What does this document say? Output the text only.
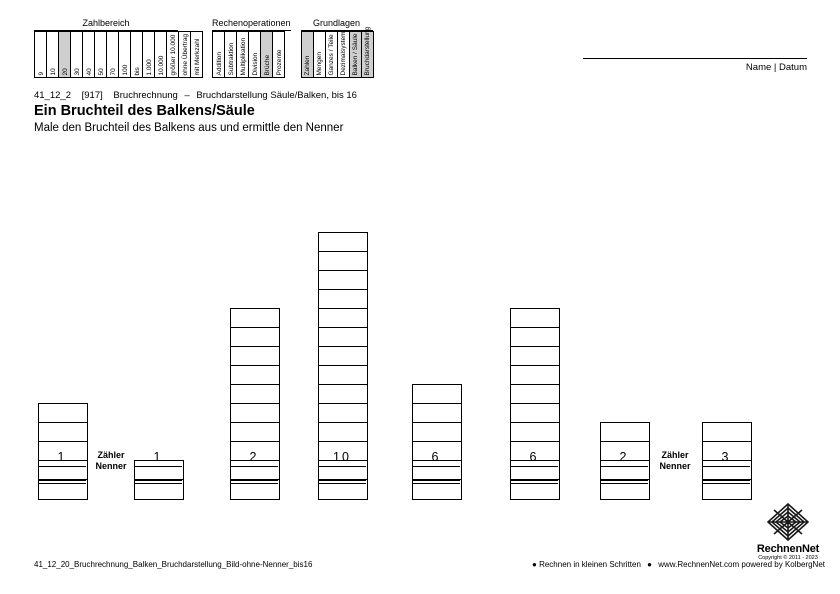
Zahlbereich
9 10 20 30 40 50 70 100 bis 1.000 10.000 größer 10.000 ohne Übertrag mit Merkzahl
Rechenoperationen
Addition Subtraktion Multiplikation Division Brüche Prozente
Grundlagen
Zahlen Mengen Ganzes / Teile Dezimalsystem Balken / Säule Bruchdarstellung	Name | Datum
41_12_2 [917] Bruchrechnung – Bruchdarstellung Säule/Balken, bis 16
Ein Bruchteil des Balkens/Säule
Male den Bruchteil des Balkens aus und ermittle den Nenner
1	1	2	10	6	6	2	3
Zähler
Nenner
Zähler
Nenner
41_12_20_Bruchrechnung_Balken_Bruchdarstellung_Bild-ohne-Nenner_bis16	● Rechnen in kleinen Schritten ● www.RechnenNet.com powered by KolbergNet
RechnenNet
Copyright © 2011 - 2023
